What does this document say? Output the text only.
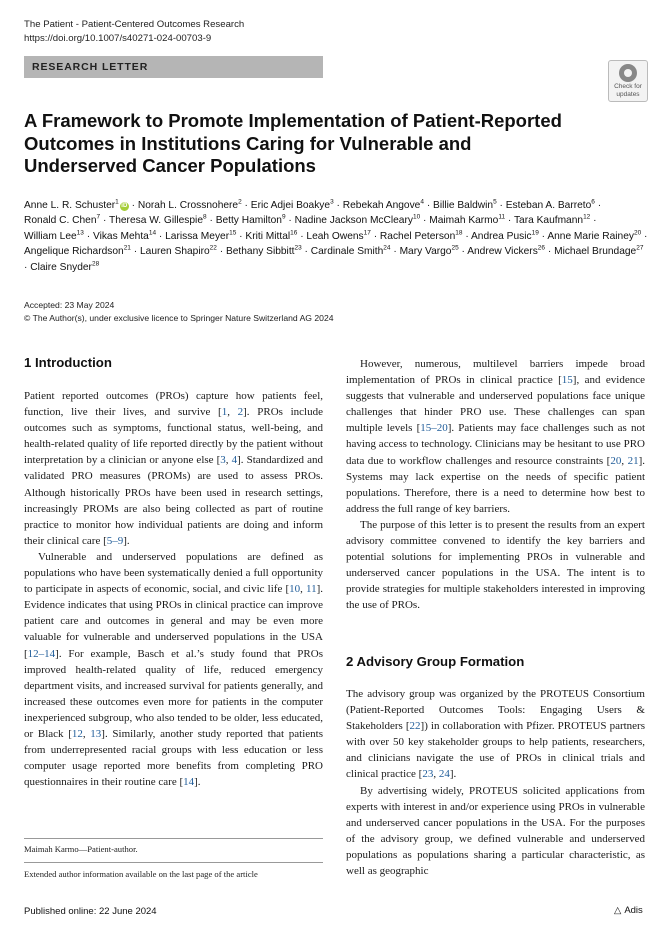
The Patient - Patient-Centered Outcomes Research
https://doi.org/10.1007/s40271-024-00703-9
RESEARCH LETTER
Check for
updates
A Framework to Promote Implementation of Patient-Reported Outcomes in Institutions Caring for Vulnerable and Underserved Cancer Populations
Anne L. R. Schuster$^1$iD · Norah L. Crossnohere$^2$ · Eric Adjei Boakye$^3$ · Rebekah Angove$^4$ · Billie Baldwin$^5$ · Esteban A. Barreto$^6$ · Ronald C. Chen$^7$ · Theresa W. Gillespie$^8$ · Betty Hamilton$^9$ · Nadine Jackson McCleary$^{10}$ · Maimah Karmo$^{11}$ · Tara Kaufmann$^{12}$ · William Lee$^{13}$ · Vikas Mehta$^{14}$ · Larissa Meyer$^{15}$ · Kriti Mittal$^{16}$ · Leah Owens$^{17}$ · Rachel Peterson$^{18}$ · Andrea Pusic$^{19}$ · Anne Marie Rainey$^{20}$ · Angelique Richardson$^{21}$ · Lauren Shapiro$^{22}$ · Bethany Sibbitt$^{23}$ · Cardinale Smith$^{24}$ · Mary Vargo$^{25}$ · Andrew Vickers$^{26}$ · Michael Brundage$^{27}$ · Claire Snyder$^{28}$
Accepted: 23 May 2024
© The Author(s), under exclusive licence to Springer Nature Switzerland AG 2024
1 Introduction

Patient reported outcomes (PROs) capture how patients feel, function, live their lives, and survive [1, 2]. PROs include outcomes such as symptoms, functional status, well-being, and health-related quality of life reported directly by the patient without interpretation by a clinician or anyone else [3, 4]. Standardized and validated PRO measures (PROMs) are used to assess PROs. Although historically PROs have been used in research settings, increasingly PROMs are also being collected as part of routine practice to monitor how individual patients are doing and inform their clinical care [5–9].

Vulnerable and underserved populations are defined as populations who have been systematically denied a full opportunity to participate in aspects of economic, social, and civic life [10, 11]. Evidence indicates that using PROs in clinical practice can improve patient care and outcomes in general and may be even more valuable for vulnerable and underserved populations in the USA [12–14]. For example, Basch et al.’s study found that PROs improved health-related quality of life, reduced emergency department visits, and increased survival for patients generally, and increased these outcomes even more for patients in the computer inexperienced subgroup, who also tended to be older, less educated, or Black [12, 13]. Similarly, another study reported that patients from underrepresented racial groups with less education or less computer usage reported more benefits from completing PRO questionnaires in their routine care [14].

Maimah Karmo—Patient-author.
Extended author information available on the last page of the article

However, numerous, multilevel barriers impede broad implementation of PROs in clinical practice [15], and evidence suggests that vulnerable and underserved populations face unique challenges that hinder PRO use. These challenges can span multiple levels [15–20]. Patients may face challenges such as not having access to technology. Clinicians may be hesitant to use PRO data due to workflow challenges and resource constraints [20, 21]. Systems may lack expertise on the needs of specific patient populations. Therefore, there is a need to determine how best to address the full range of key barriers.

The purpose of this letter is to present the results from an expert advisory committee convened to identify the key barriers and potential solutions for implementing PROs in vulnerable and underserved cancer populations in the USA. The intent is to provide strategies for multiple stakeholders interested in improving the use of PROs.

2 Advisory Group Formation

The advisory group was organized by the PROTEUS Consortium (Patient-Reported Outcomes Tools: Engaging Users & Stakeholders [22]) in collaboration with Pfizer. PROTEUS partners with over 50 key stakeholder groups to help patients, researchers, and clinicians navigate the use of PROs in clinical trials and clinical practice [23, 24].

By advertising widely, PROTEUS solicited applications from experts with interest in and/or experience using PROs in vulnerable and underserved cancer populations in the USA. For the purposes of the advisory group, we defined vulnerable and underserved populations as populations sharing a particular characteristic, as well as geographic

Published online: 22 June 2024	△ Adis
